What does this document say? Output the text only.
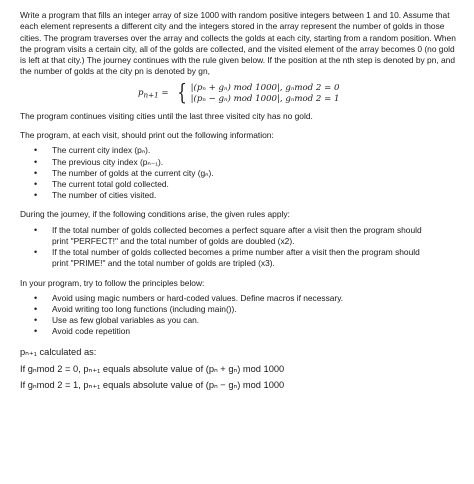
Write a program that fills an integer array of size 1000 with random positive integers between 1 and 10. Assume that each element represents a different city and the integers stored in the array represent the number of golds in those cities. The program traverses over the array and collects the golds at each city, starting from a random position. When the program visits a certain city, all of the golds are collected, and the visited element of the array becomes 0 (no gold is left at that city.) The journey continues with the rule given below. If the position at the nth step is denoted by pn, and the number of golds at the city pn is denoted by gn,

$p_{n+1}$ = { |(pₙ + gₙ) mod 1000|, gₙmod 2 = 0
|(pₙ − gₙ) mod 1000|, gₙmod 2 = 1

The program continues visiting cities until the last three visited city has no gold.

The program, at each visit, should print out the following information:

• The current city index (pₙ).
• The previous city index (pₙ₋₁).
• The number of golds at the current city (gₙ).
• The current total gold collected.
• The number of cities visited.

During the journey, if the following conditions arise, the given rules apply:

• If the total number of golds collected becomes a perfect square after a visit then the program should print "PERFECT!" and the total number of golds are doubled (x2).
• If the total number of golds collected becomes a prime number after a visit then the program should print "PRIME!" and the total number of golds are tripled (x3).

In your program, try to follow the principles below:

• Avoid using magic numbers or hard-coded values. Define macros if necessary.
• Avoid writing too long functions (including main()).
• Use as few global variables as you can.
• Avoid code repetition

pₙ₊₁ calculated as:

If gₙmod 2 = 0, pₙ₊₁ equals absolute value of (pₙ + gₙ) mod 1000

If gₙmod 2 = 1, pₙ₊₁ equals absolute value of (pₙ − gₙ) mod 1000
